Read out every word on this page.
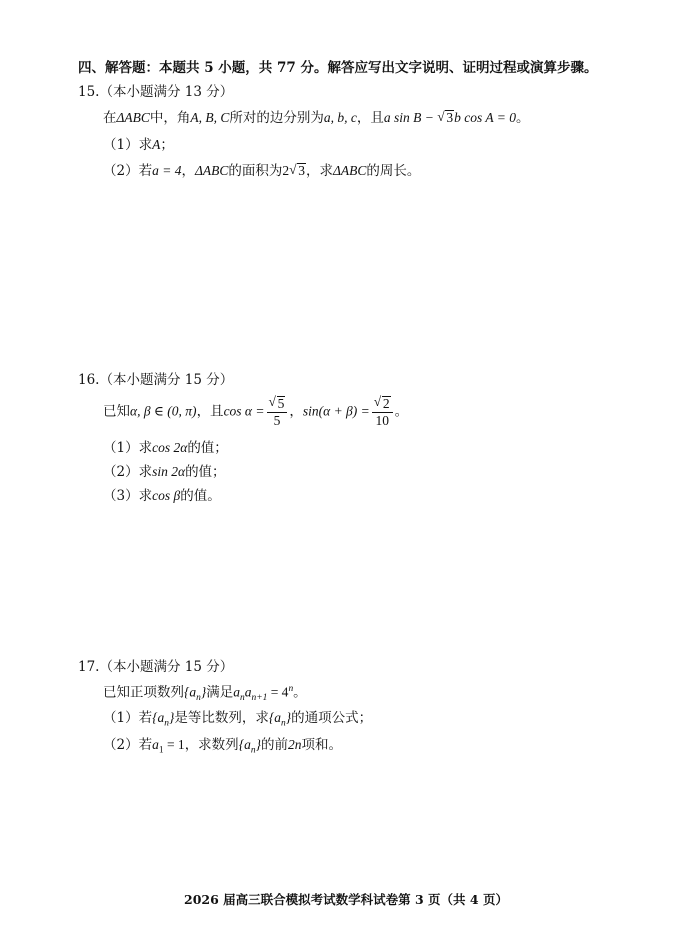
四、解答题：本题共 5 小题，共 77 分。解答应写出文字说明、证明过程或演算步骤。
15.（本小题满分 13 分）
在ΔABC中，角A, B, C所对的边分别为a, b, c，且a sin B − √ 3b cos A = 0。
（1）求A；
（2）若a = 4，ΔABC的面积为2 √ 3，求ΔABC的周长。
16.（本小题满分 15 分）
已知α, β ∈ (0, π)，且cos α = √ $\frac{5}{5}$ ，sin(α + β) = √ $\frac{2}{10}$ 。
（1）求cos 2α的值；
（2）求sin 2α的值；
（3）求cos β的值。
17.（本小题满分 15 分）
已知正项数列$\{a_n\}$满足$a_na_{n+1} = 4^n$。
（1）若$\{a_n\}$是等比数列，求$\{a_n\}$的通项公式；
（2）若$a_1 = 1$，求数列$\{a_n\}$的前2n项和。
2026 届高三联合模拟考试数学科试卷第 3 页（共 4 页）
